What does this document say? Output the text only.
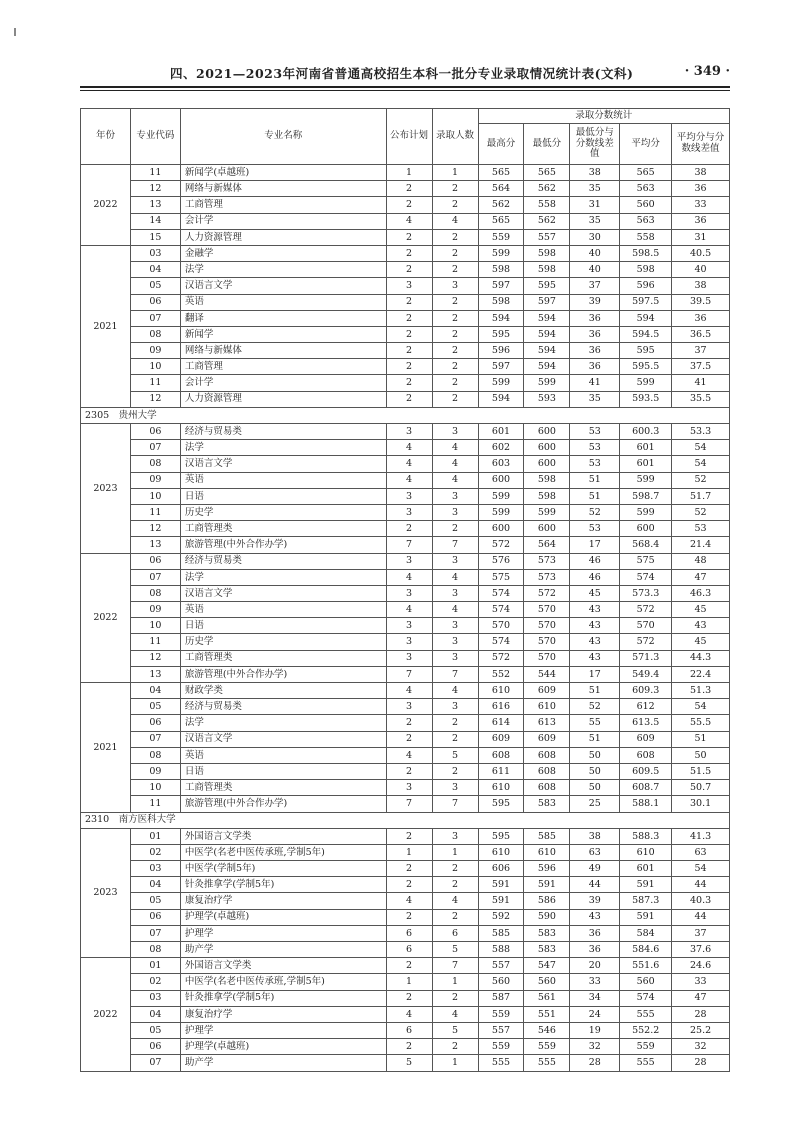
四、2021—2023年河南省普通高校招生本科一批分专业录取情况统计表(文科)	· 349 ·
年份	专业代码	专业名称	公布计划	录取人数	录取分数统计				
					最高分	最低分	最低分与分数线差值	平均分	平均分与分数线差值
2022	11	新闻学(卓越班)	1	1	565	565	38	565	38
	12	网络与新媒体	2	2	564	562	35	563	36
	13	工商管理	2	2	562	558	31	560	33
	14	会计学	4	4	565	562	35	563	36
	15	人力资源管理	2	2	559	557	30	558	31
2021	03	金融学	2	2	599	598	40	598.5	40.5
	04	法学	2	2	598	598	40	598	40
	05	汉语言文学	3	3	597	595	37	596	38
	06	英语	2	2	598	597	39	597.5	39.5
	07	翻译	2	2	594	594	36	594	36
	08	新闻学	2	2	595	594	36	594.5	36.5
	09	网络与新媒体	2	2	596	594	36	595	37
	10	工商管理	2	2	597	594	36	595.5	37.5
	11	会计学	2	2	599	599	41	599	41
	12	人力资源管理	2	2	594	593	35	593.5	35.5
2305　贵州大学									
2023	06	经济与贸易类	3	3	601	600	53	600.3	53.3
	07	法学	4	4	602	600	53	601	54
	08	汉语言文学	4	4	603	600	53	601	54
	09	英语	4	4	600	598	51	599	52
	10	日语	3	3	599	598	51	598.7	51.7
	11	历史学	3	3	599	599	52	599	52
	12	工商管理类	2	2	600	600	53	600	53
	13	旅游管理(中外合作办学)	7	7	572	564	17	568.4	21.4
2022	06	经济与贸易类	3	3	576	573	46	575	48
	07	法学	4	4	575	573	46	574	47
	08	汉语言文学	3	3	574	572	45	573.3	46.3
	09	英语	4	4	574	570	43	572	45
	10	日语	3	3	570	570	43	570	43
	11	历史学	3	3	574	570	43	572	45
	12	工商管理类	3	3	572	570	43	571.3	44.3
	13	旅游管理(中外合作办学)	7	7	552	544	17	549.4	22.4
2021	04	财政学类	4	4	610	609	51	609.3	51.3
	05	经济与贸易类	3	3	616	610	52	612	54
	06	法学	2	2	614	613	55	613.5	55.5
	07	汉语言文学	2	2	609	609	51	609	51
	08	英语	4	5	608	608	50	608	50
	09	日语	2	2	611	608	50	609.5	51.5
	10	工商管理类	3	3	610	608	50	608.7	50.7
	11	旅游管理(中外合作办学)	7	7	595	583	25	588.1	30.1
2310　南方医科大学									
2023	01	外国语言文学类	2	3	595	585	38	588.3	41.3
	02	中医学(名老中医传承班,学制5年)	1	1	610	610	63	610	63
	03	中医学(学制5年)	2	2	606	596	49	601	54
	04	针灸推拿学(学制5年)	2	2	591	591	44	591	44
	05	康复治疗学	4	4	591	586	39	587.3	40.3
	06	护理学(卓越班)	2	2	592	590	43	591	44
	07	护理学	6	6	585	583	36	584	37
	08	助产学	6	5	588	583	36	584.6	37.6
2022	01	外国语言文学类	2	7	557	547	20	551.6	24.6
	02	中医学(名老中医传承班,学制5年)	1	1	560	560	33	560	33
	03	针灸推拿学(学制5年)	2	2	587	561	34	574	47
	04	康复治疗学	4	4	559	551	24	555	28
	05	护理学	6	5	557	546	19	552.2	25.2
	06	护理学(卓越班)	2	2	559	559	32	559	32
	07	助产学	5	1	555	555	28	555	28
